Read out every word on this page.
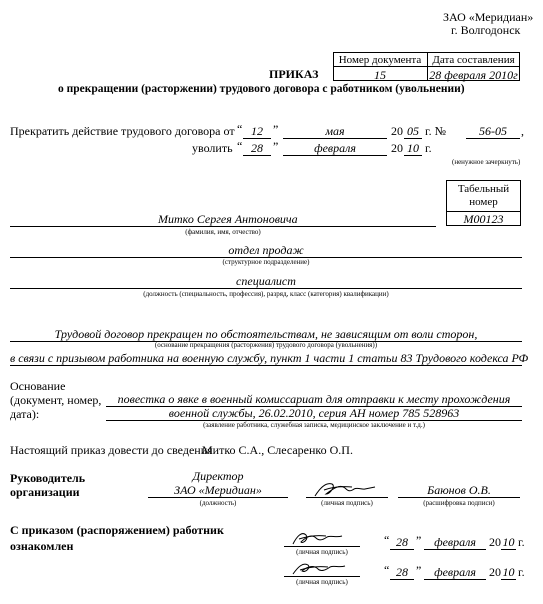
ЗАО «Меридиан»
г. Волгодонск
Номер документа	Дата составления
15	28 февраля 2010г
ПРИКАЗ
о прекращении (расторжении) трудового договора с работником (увольнении)
Прекратить действие трудового договора от “ 12 ”	мая	20 05 г. №	56-05	,
уволить “ 28 ”	февраля	20 10 г.
(ненужное зачеркнуть)
Табельный
номер
М00123
Митко Сергея Антоновича
(фамилия, имя, отчество)
отдел продаж
(структурное подразделение)
специалист
(должность (специальность, профессия), разряд, класс (категория) квалификации)
Трудовой договор прекращен по обстоятельствам, не зависящим от воли сторон,
(основание прекращения (расторжения) трудового договора (увольнения))
в связи с призывом работника на военную службу, пункт 1 части 1 статьи 83 Трудового кодекса РФ
Основание
(документ, номер,
дата):
повестка о явке в военный комиссариат для отправки к месту прохождения
военной службы, 26.02.2010, серия АН номер 785 528963
(заявление работника, служебная записка, медицинское заключение и т.д.)
Настоящий приказ довести до сведения
Митко С.А., Слесаренко О.П.
Руководитель
организации
Директор
ЗАО «Меридиан»
(должность)	(личная подпись)
Баюнов О.В.
(расшифровка подписи)
С приказом (распоряжением) работник
ознакомлен	(личная подпись)
“ 28 ”	февраля	20 10 г.
(личная подпись)
“ 28 ”	февраля	20 10 г.
